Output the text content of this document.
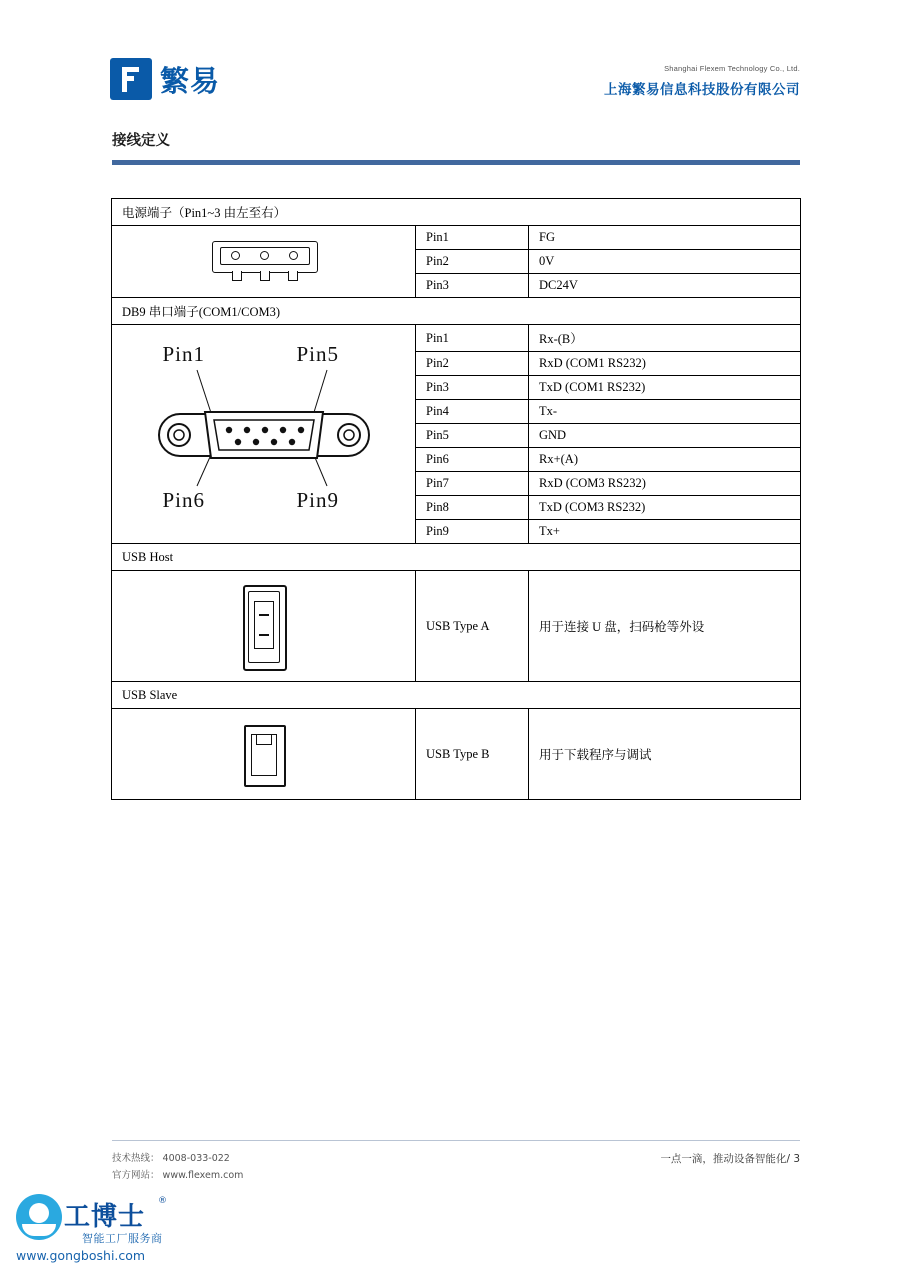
繁易	Shanghai Flexem Technology Co., Ltd.
上海繁易信息科技股份有限公司
接线定义
电源端子（Pin1~3 由左至右）		

	Pin1	FG
	Pin2	0V
	Pin3	DC24V
DB9 串口端子(COM1/COM3)		

Pin1 Pin5
Pin6 Pin9	Pin1	Rx-(B）
	Pin2	RxD (COM1 RS232)
	Pin3	TxD (COM1 RS232)
	Pin4	Tx-
	Pin5	GND
	Pin6	Rx+(A)
	Pin7	RxD (COM3 RS232)
	Pin8	TxD (COM3 RS232)
	Pin9	Tx+
USB Host		

	USB Type A	用于连接 U 盘，扫码枪等外设
USB Slave		

	USB Type B	用于下载程序与调试
技术热线： 4008-033-022
官方网站： www.flexem.com
一点一滴，推动设备智能化/ 3
工博士
®
智能工厂服务商
www.gongboshi.com
